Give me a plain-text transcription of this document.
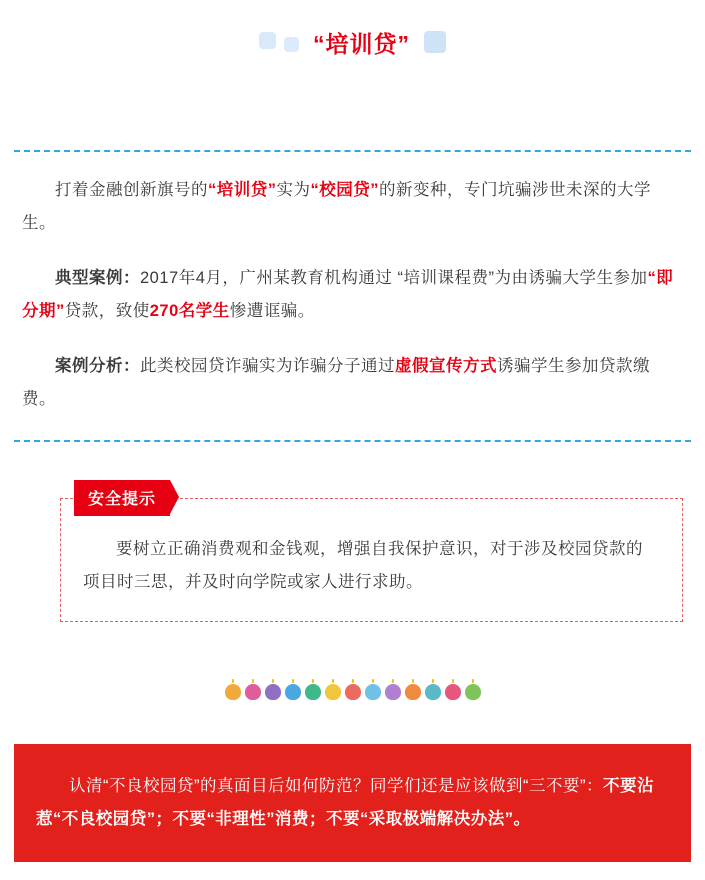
“培训贷”

打着金融创新旗号的“培训贷”实为“校园贷”的新变种，专门坑骗涉世未深的大学生。

典型案例：2017年4月，广州某教育机构通过 “培训课程费”为由诱骗大学生参加“即分期”贷款，致使270名学生惨遭诓骗。

案例分析：此类校园贷诈骗实为诈骗分子通过虚假宣传方式诱骗学生参加贷款缴费。

安全提示

要树立正确消费观和金钱观，增强自我保护意识，对于涉及校园贷款的项目时三思，并及时向学院或家人进行求助。

认清“不良校园贷”的真面目后如何防范？同学们还是应该做到“三不要”：不要沾惹“不良校园贷”；不要“非理性”消费；不要“采取极端解决办法”。
